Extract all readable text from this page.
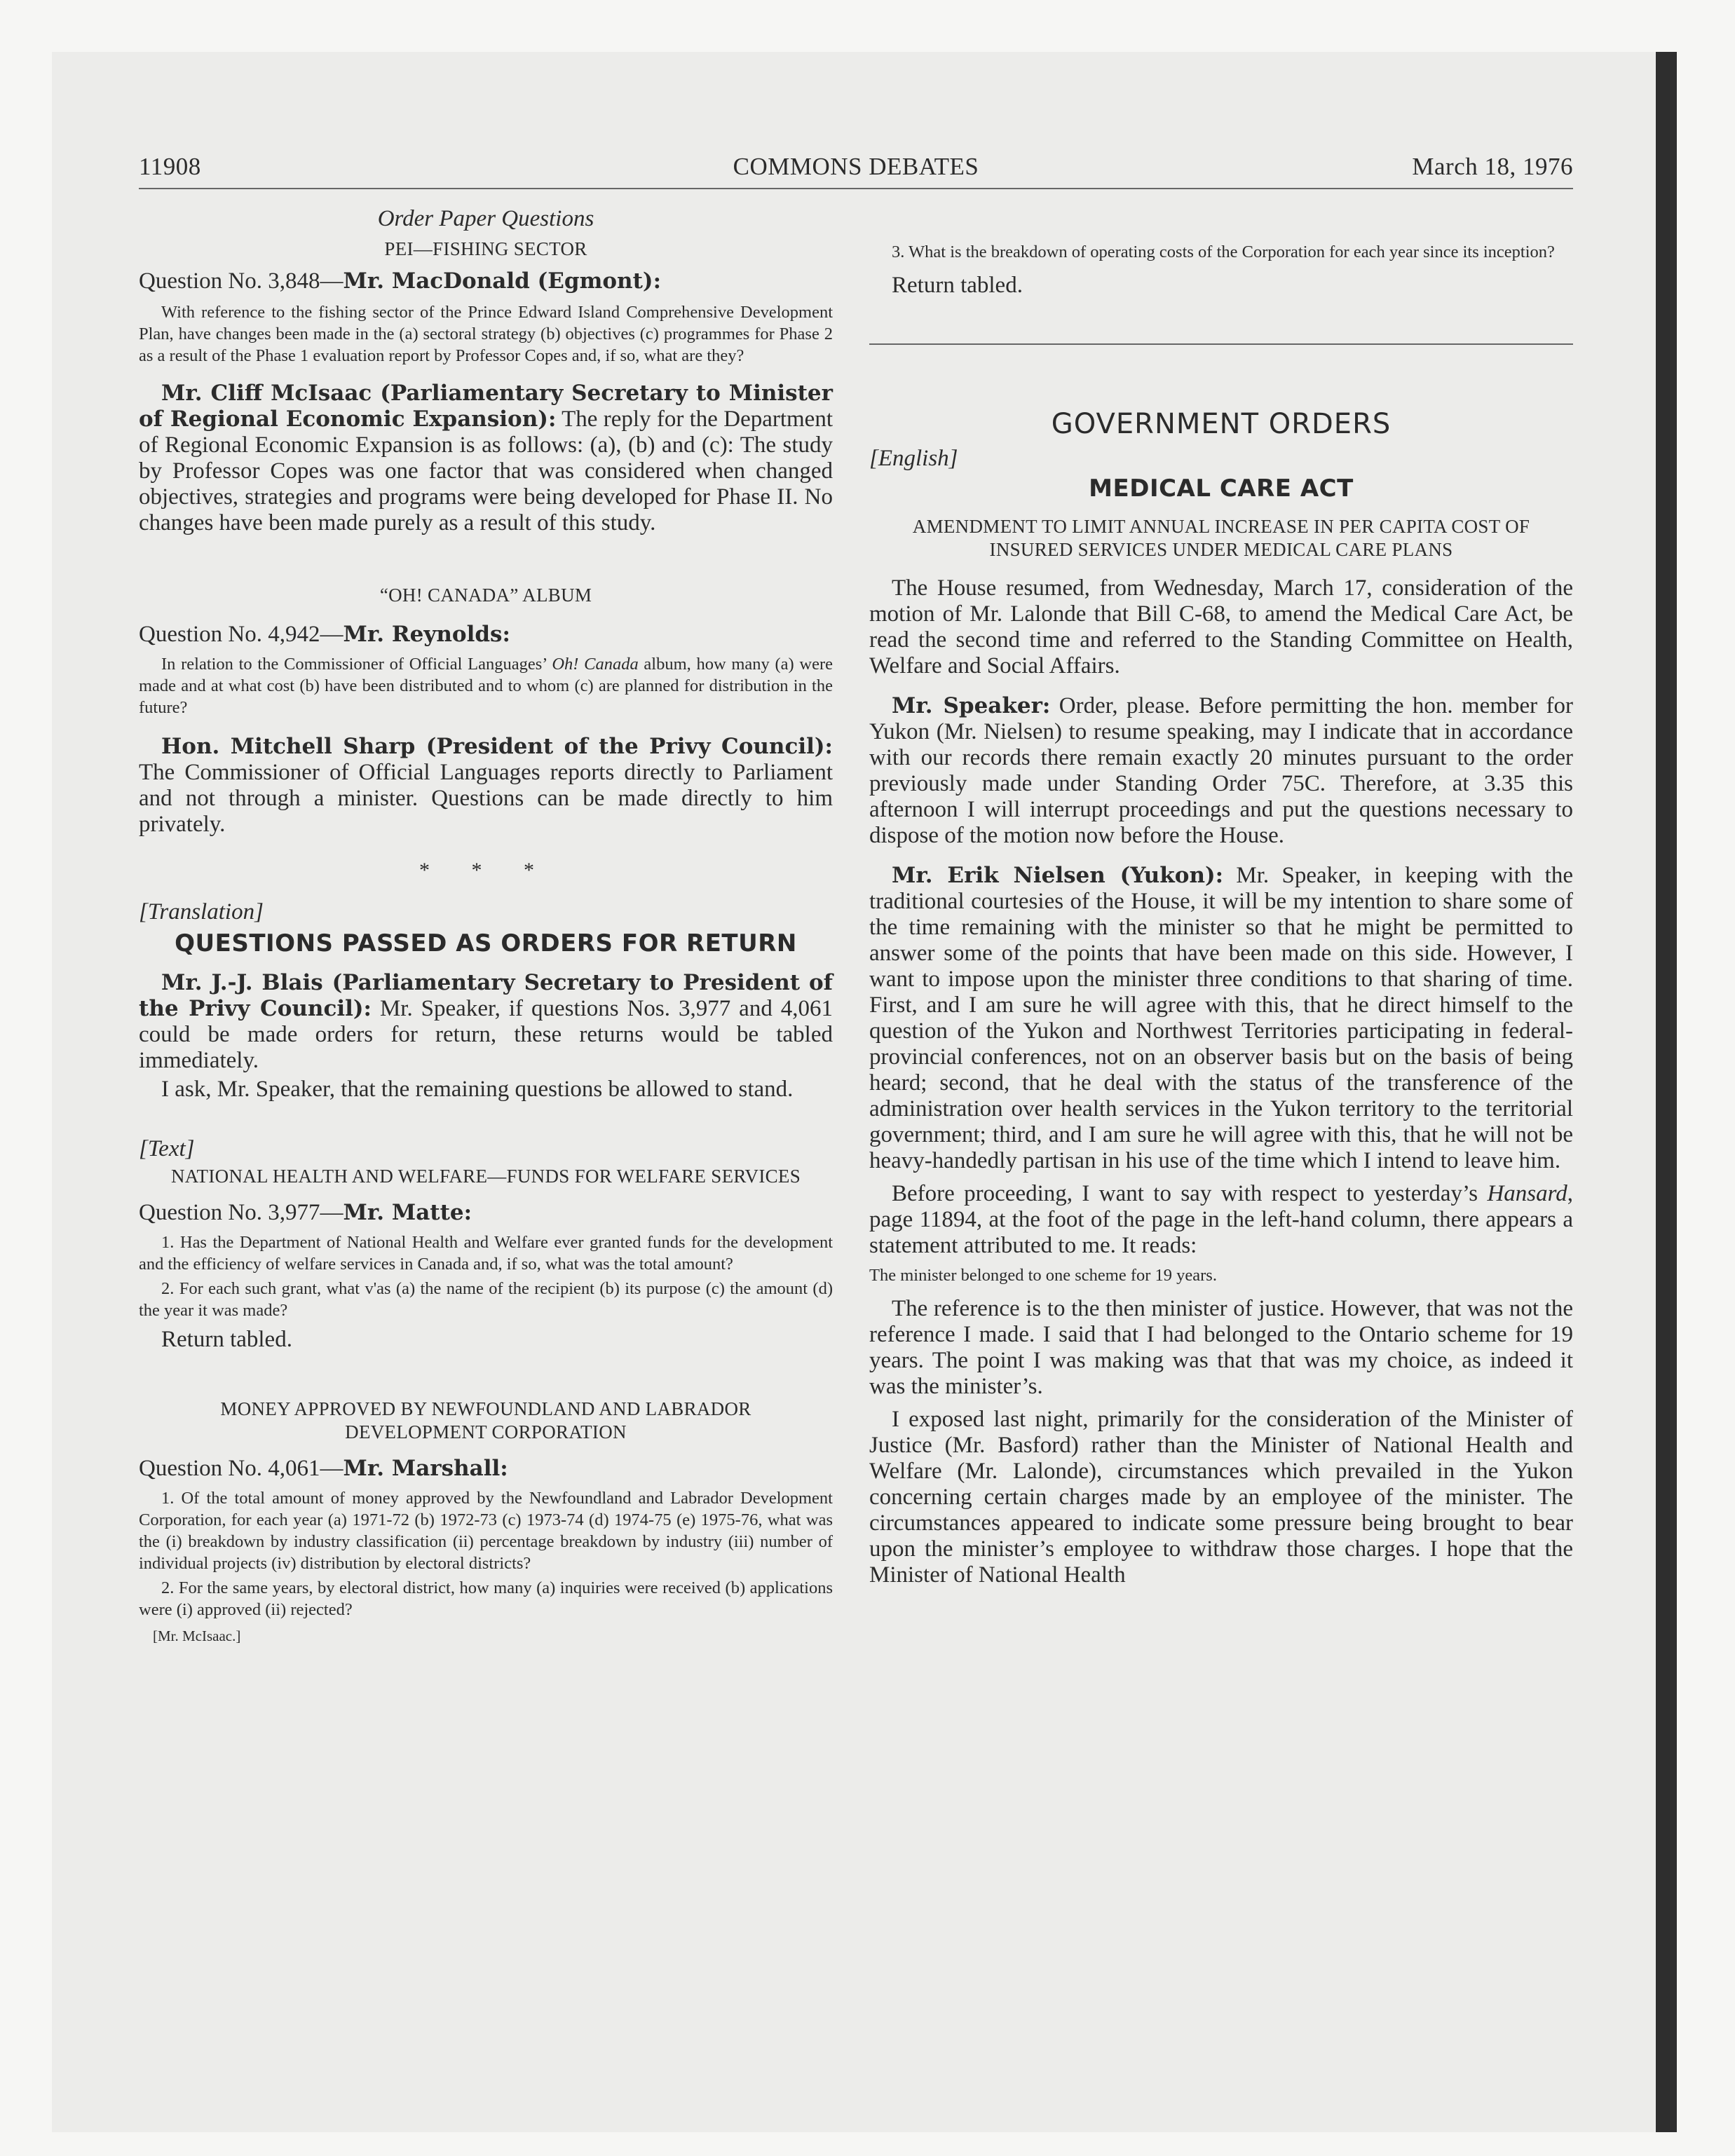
11908	COMMONS DEBATES	March 18, 1976

Order Paper Questions

PEI—FISHING SECTOR

Question No. 3,848—Mr. MacDonald (Egmont):

With reference to the fishing sector of the Prince Edward Island Comprehensive Development Plan, have changes been made in the (a) sectoral strategy (b) objectives (c) programmes for Phase 2 as a result of the Phase 1 evaluation report by Professor Copes and, if so, what are they?

Mr. Cliff McIsaac (Parliamentary Secretary to Minister of Regional Economic Expansion): The reply for the Department of Regional Economic Expansion is as follows: (a), (b) and (c): The study by Professor Copes was one factor that was considered when changed objectives, strategies and programs were being developed for Phase II. No changes have been made purely as a result of this study.

“OH! CANADA” ALBUM

Question No. 4,942—Mr. Reynolds:

In relation to the Commissioner of Official Languages’ Oh! Canada album, how many (a) were made and at what cost (b) have been distributed and to whom (c) are planned for distribution in the future?

Hon. Mitchell Sharp (President of the Privy Council): The Commissioner of Official Languages reports directly to Parliament and not through a minister. Questions can be made directly to him privately.

* * *

[Translation]

QUESTIONS PASSED AS ORDERS FOR RETURN

Mr. J.-J. Blais (Parliamentary Secretary to President of the Privy Council): Mr. Speaker, if questions Nos. 3,977 and 4,061 could be made orders for return, these returns would be tabled immediately.

I ask, Mr. Speaker, that the remaining questions be allowed to stand.

[Text]

NATIONAL HEALTH AND WELFARE—FUNDS FOR WELFARE SERVICES

Question No. 3,977—Mr. Matte:

1. Has the Department of National Health and Welfare ever granted funds for the development and the efficiency of welfare services in Canada and, if so, what was the total amount?

2. For each such grant, what v'as (a) the name of the recipient (b) its purpose (c) the amount (d) the year it was made?

Return tabled.

MONEY APPROVED BY NEWFOUNDLAND AND LABRADOR DEVELOPMENT CORPORATION

Question No. 4,061—Mr. Marshall:

1. Of the total amount of money approved by the Newfoundland and Labrador Development Corporation, for each year (a) 1971-72 (b) 1972-73 (c) 1973-74 (d) 1974-75 (e) 1975-76, what was the (i) breakdown by industry classification (ii) percentage breakdown by industry (iii) number of individual projects (iv) distribution by electoral districts?

2. For the same years, by electoral district, how many (a) inquiries were received (b) applications were (i) approved (ii) rejected?

[Mr. McIsaac.]

3. What is the breakdown of operating costs of the Corporation for each year since its inception?

Return tabled.

GOVERNMENT ORDERS

[English]

MEDICAL CARE ACT

AMENDMENT TO LIMIT ANNUAL INCREASE IN PER CAPITA COST OF INSURED SERVICES UNDER MEDICAL CARE PLANS

The House resumed, from Wednesday, March 17, consideration of the motion of Mr. Lalonde that Bill C-68, to amend the Medical Care Act, be read the second time and referred to the Standing Committee on Health, Welfare and Social Affairs.

Mr. Speaker: Order, please. Before permitting the hon. member for Yukon (Mr. Nielsen) to resume speaking, may I indicate that in accordance with our records there remain exactly 20 minutes pursuant to the order previously made under Standing Order 75C. Therefore, at 3.35 this afternoon I will interrupt proceedings and put the questions necessary to dispose of the motion now before the House.

Mr. Erik Nielsen (Yukon): Mr. Speaker, in keeping with the traditional courtesies of the House, it will be my intention to share some of the time remaining with the minister so that he might be permitted to answer some of the points that have been made on this side. However, I want to impose upon the minister three conditions to that sharing of time. First, and I am sure he will agree with this, that he direct himself to the question of the Yukon and Northwest Territories participating in federal-provincial conferences, not on an observer basis but on the basis of being heard; second, that he deal with the status of the transference of the administration over health services in the Yukon territory to the territorial government; third, and I am sure he will agree with this, that he will not be heavy-handedly partisan in his use of the time which I intend to leave him.

Before proceeding, I want to say with respect to yesterday’s Hansard, page 11894, at the foot of the page in the left-hand column, there appears a statement attributed to me. It reads:

The minister belonged to one scheme for 19 years.

The reference is to the then minister of justice. However, that was not the reference I made. I said that I had belonged to the Ontario scheme for 19 years. The point I was making was that that was my choice, as indeed it was the minister’s.

I exposed last night, primarily for the consideration of the Minister of Justice (Mr. Basford) rather than the Minister of National Health and Welfare (Mr. Lalonde), circumstances which prevailed in the Yukon concerning certain charges made by an employee of the minister. The circumstances appeared to indicate some pressure being brought to bear upon the minister’s employee to withdraw those charges. I hope that the Minister of National Health
